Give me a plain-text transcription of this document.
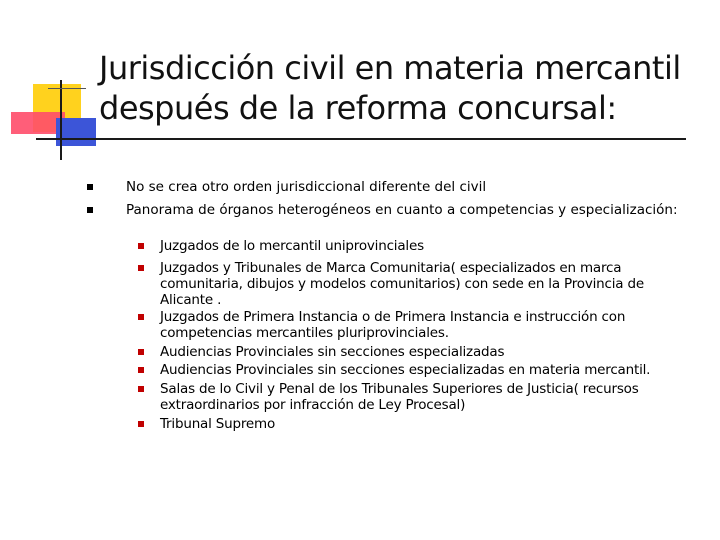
Jurisdicción civil en materia mercantil
después de la reforma concursal:
No se crea otro orden jurisdiccional diferente del civil
Panorama de órganos heterogéneos en cuanto a competencias y especialización:
Juzgados de lo mercantil uniprovinciales
Juzgados y Tribunales de Marca Comunitaria( especializados en marca comunitaria, dibujos y modelos comunitarios) con sede en la Provincia de Alicante .
Juzgados de Primera Instancia o de Primera Instancia e instrucción con competencias mercantiles pluriprovinciales.
Audiencias Provinciales sin secciones especializadas
Audiencias Provinciales sin secciones especializadas en materia mercantil.
Salas de lo Civil y Penal de los Tribunales Superiores de Justicia( recursos extraordinarios por infracción de Ley Procesal)
Tribunal Supremo
